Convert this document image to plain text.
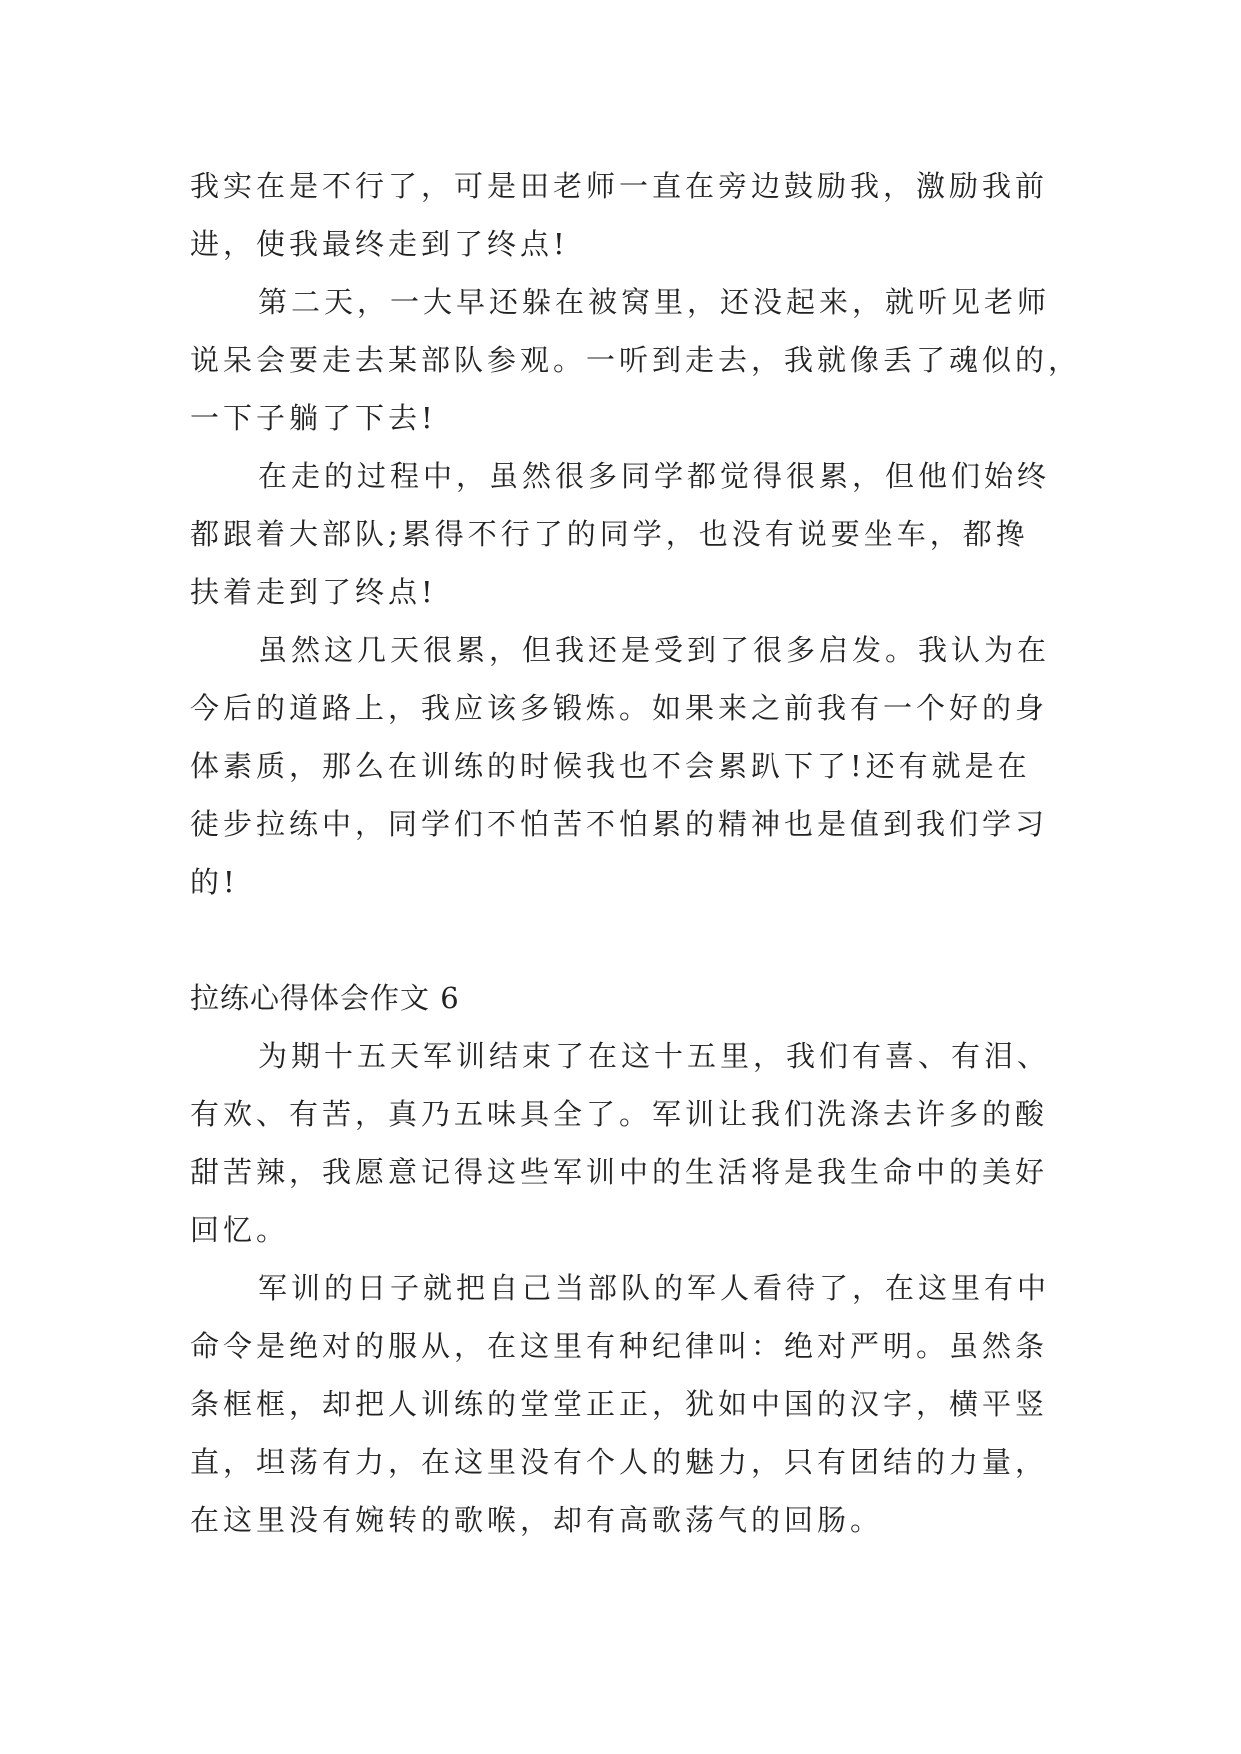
我实在是不行了，可是田老师一直在旁边鼓励我，激励我前
进，使我最终走到了终点!
第二天，一大早还躲在被窝里，还没起来，就听见老师
说呆会要走去某部队参观。一听到走去，我就像丢了魂似的，
一下子躺了下去!
在走的过程中，虽然很多同学都觉得很累，但他们始终
都跟着大部队;累得不行了的同学，也没有说要坐车，都搀
扶着走到了终点!
虽然这几天很累，但我还是受到了很多启发。我认为在
今后的道路上，我应该多锻炼。如果来之前我有一个好的身
体素质，那么在训练的时候我也不会累趴下了!还有就是在
徒步拉练中，同学们不怕苦不怕累的精神也是值到我们学习
的!
拉练心得体会作文 6
为期十五天军训结束了在这十五里，我们有喜、有泪、
有欢、有苦，真乃五味具全了。军训让我们洗涤去许多的酸
甜苦辣，我愿意记得这些军训中的生活将是我生命中的美好
回忆。
军训的日子就把自己当部队的军人看待了，在这里有中
命令是绝对的服从，在这里有种纪律叫：绝对严明。虽然条
条框框，却把人训练的堂堂正正，犹如中国的汉字，横平竖
直，坦荡有力，在这里没有个人的魅力，只有团结的力量，
在这里没有婉转的歌喉，却有高歌荡气的回肠。
